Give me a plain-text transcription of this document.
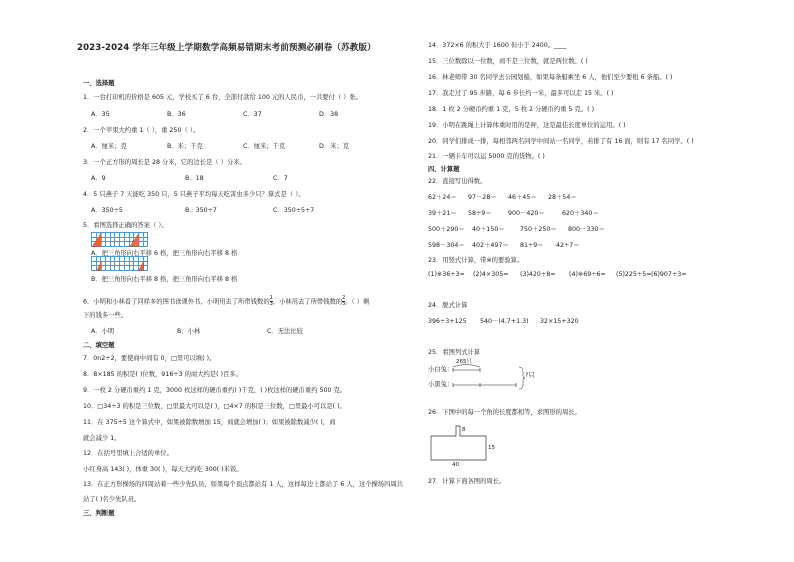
2023-2024 学年三年级上学期数学高频易错期末考前预测必刷卷（苏教版）
一、选择题
1．一台打印机的价格是 605 元，学校买了 6 台，全部付款给 100 元的人民币，一共要付（ ）张。
A．35	B．36	C．37	D．38
2．一个苹果大约重 1（ ），重 250（ ）。
A．厘米；克	B．米；千克	C．厘米；千克	D．米；克
3．一个正方形的周长是 28 分米，它的边长是（ ）分米。
A．9	B．18	C．7
4．5 只燕子 7 天能吃 350 只，5 只燕子平均每天吃害虫多少只？算式是（ ）。
A．350÷5	B．350÷7	C．350÷5÷7
5．看图选择正确的答案（ ）。
A．把三角形向右平移 6 格，把三角形向右平移 8 格
B．把三角形向右平移 8 格，把三角形向右平移 8 格
6．小明和小林看了同样多的图书读课外书，小明用去了所带钱数的 $\frac{1}{3}$ ，小林用去了所带钱数的 $\frac{2}{3}$ 。（ ）剩
下的钱多一些。
A．小明	B．小林	C．无法比较
二、填空题
7．0n2÷2，要使商中间有 0，□里可以填( )。
8．8×185 的积是( )位数，916÷3 的商大约是( )百多。
9．一枚 2 分硬币重约 1 克，3000 枚这样的硬币重约( )千克，( )枚这样的硬币重约 500 克。
10．□34÷3 的积是三位数，□里最大可以是( )，□4×7 的积是三位数，□里最小可以是( )。
11．在 375÷5 这个算式中，如果被除数增加 15，商就会增加( )；如果被除数减少( )，商
就会减少 1。
12．在括号里填上合适的单位。
小红身高 143( )，体重 30( )，每天大约吃 300( )米饭。
13．在正方形操场的四周站着一些少先队员，如果每个顶点都站有 1 人，这样每边上都站了 6 人，这个操场四周共
站了( )名少先队员。
三、判断题
14．372×6 的积大于 1600 但小于 2400。____
15．三位数除以一位数，商不是三位数，就是两位数。( )
16．林老师带 30 名同学去公园划船，如果每条船乘坐 6 人，他们至少要租 6 条船。( )
17．我走过了 95 步路，每 6 步长约一米，最多可以走 15 米。( )
18．1 枚 2 分硬币约重 1 克，5 枚 2 分硬币约重 5 克。( )
19．小明在跳绳上计算体重时用的是秤，这是最佳长度单位的运用。( )
20．同学们排成一排，每相邻两名同学中间站一名同学，若排了有 16 面，则有 17 名同学。( )
21．一辆卡车可以运 5000 克的货物。( )
四、计算题
22．直接写出得数。
62＋24＝ 97－28＝ 46＋45＝ 28＋54＝
39＋21＝ 58÷9＝	900－420＝	620＋340＝
500＋290＝ 40＋150＝ 750＋250＝ 800－330＝
598－304＝ 402＋497＝ 81÷9＝ 42÷7＝
23．用竖式计算，带※的要验算。
(1)※36÷3= (2)4×305= (3)420÷8= (4)※69÷6= (5)225÷5= (6)907÷3=
24．脱式计算
396÷3+125 540－(4.7+1.3) 32×15+320
25．看图列式计算
265只
小白兔：
小黑兔：
?只
26．下图中的每一个角的长度都相等，求图形的周长。
8
15
40
27．计算下面各图的周长。
